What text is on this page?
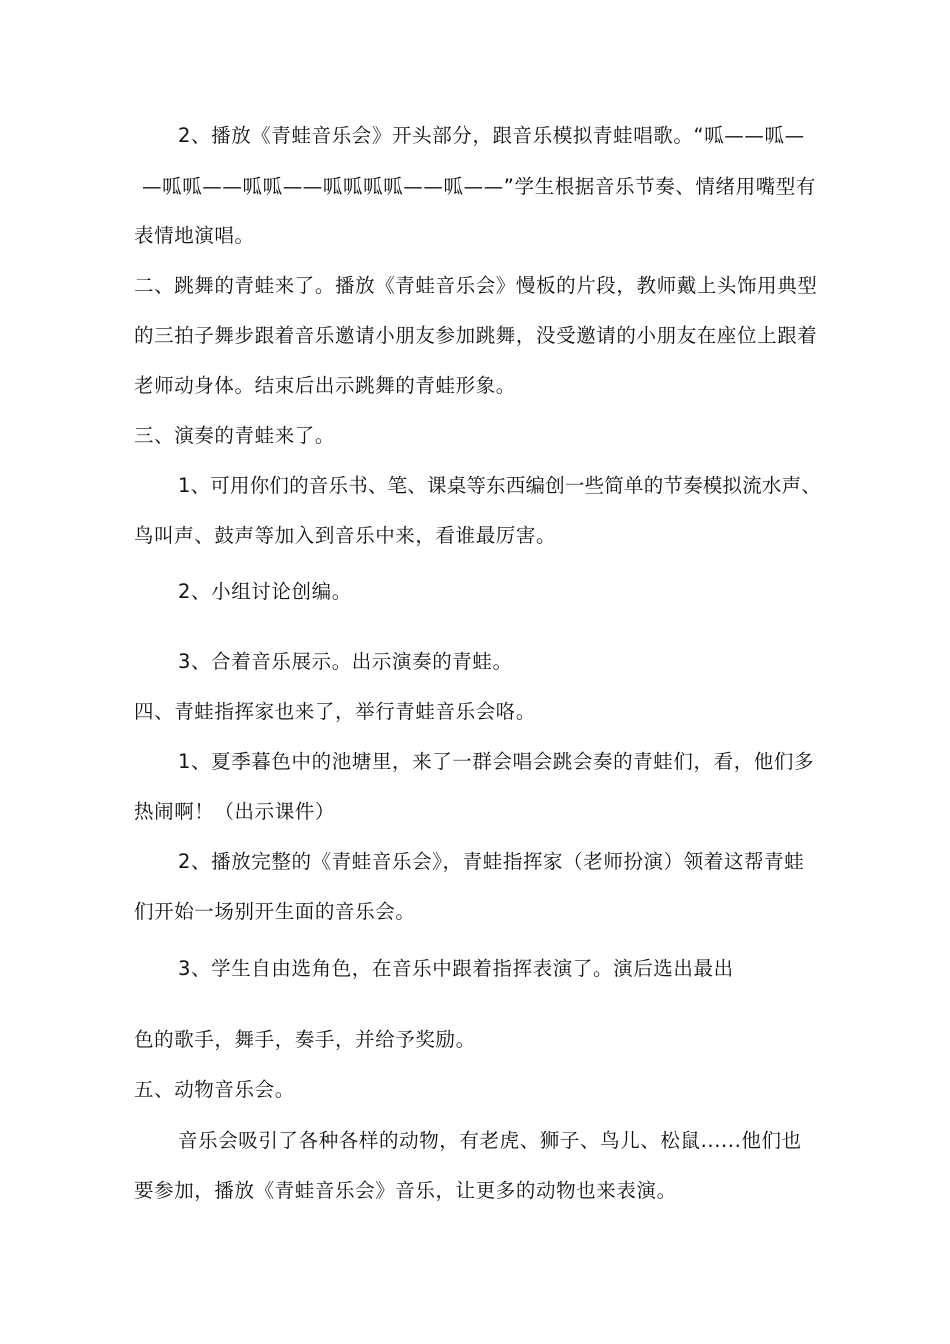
2、播放《青蛙音乐会》开头部分，跟音乐模拟青蛙唱歌。“呱——呱—
—呱呱——呱呱——呱呱呱呱——呱——”学生根据音乐节奏、情绪用嘴型有
表情地演唱。
二、跳舞的青蛙来了。播放《青蛙音乐会》慢板的片段，教师戴上头饰用典型
的三拍子舞步跟着音乐邀请小朋友参加跳舞，没受邀请的小朋友在座位上跟着
老师动身体。结束后出示跳舞的青蛙形象。
三、演奏的青蛙来了。
1、可用你们的音乐书、笔、课桌等东西编创一些简单的节奏模拟流水声、
鸟叫声、鼓声等加入到音乐中来，看谁最厉害。
2、小组讨论创编。
3、合着音乐展示。出示演奏的青蛙。
四、青蛙指挥家也来了，举行青蛙音乐会咯。
1、夏季暮色中的池塘里，来了一群会唱会跳会奏的青蛙们，看，他们多
热闹啊！（出示课件）
2、播放完整的《青蛙音乐会》，青蛙指挥家（老师扮演）领着这帮青蛙
们开始一场别开生面的音乐会。
3、学生自由选角色，在音乐中跟着指挥表演了。演后选出最出
色的歌手，舞手，奏手，并给予奖励。
五、动物音乐会。
音乐会吸引了各种各样的动物，有老虎、狮子、鸟儿、松鼠......他们也
要参加，播放《青蛙音乐会》音乐，让更多的动物也来表演。
